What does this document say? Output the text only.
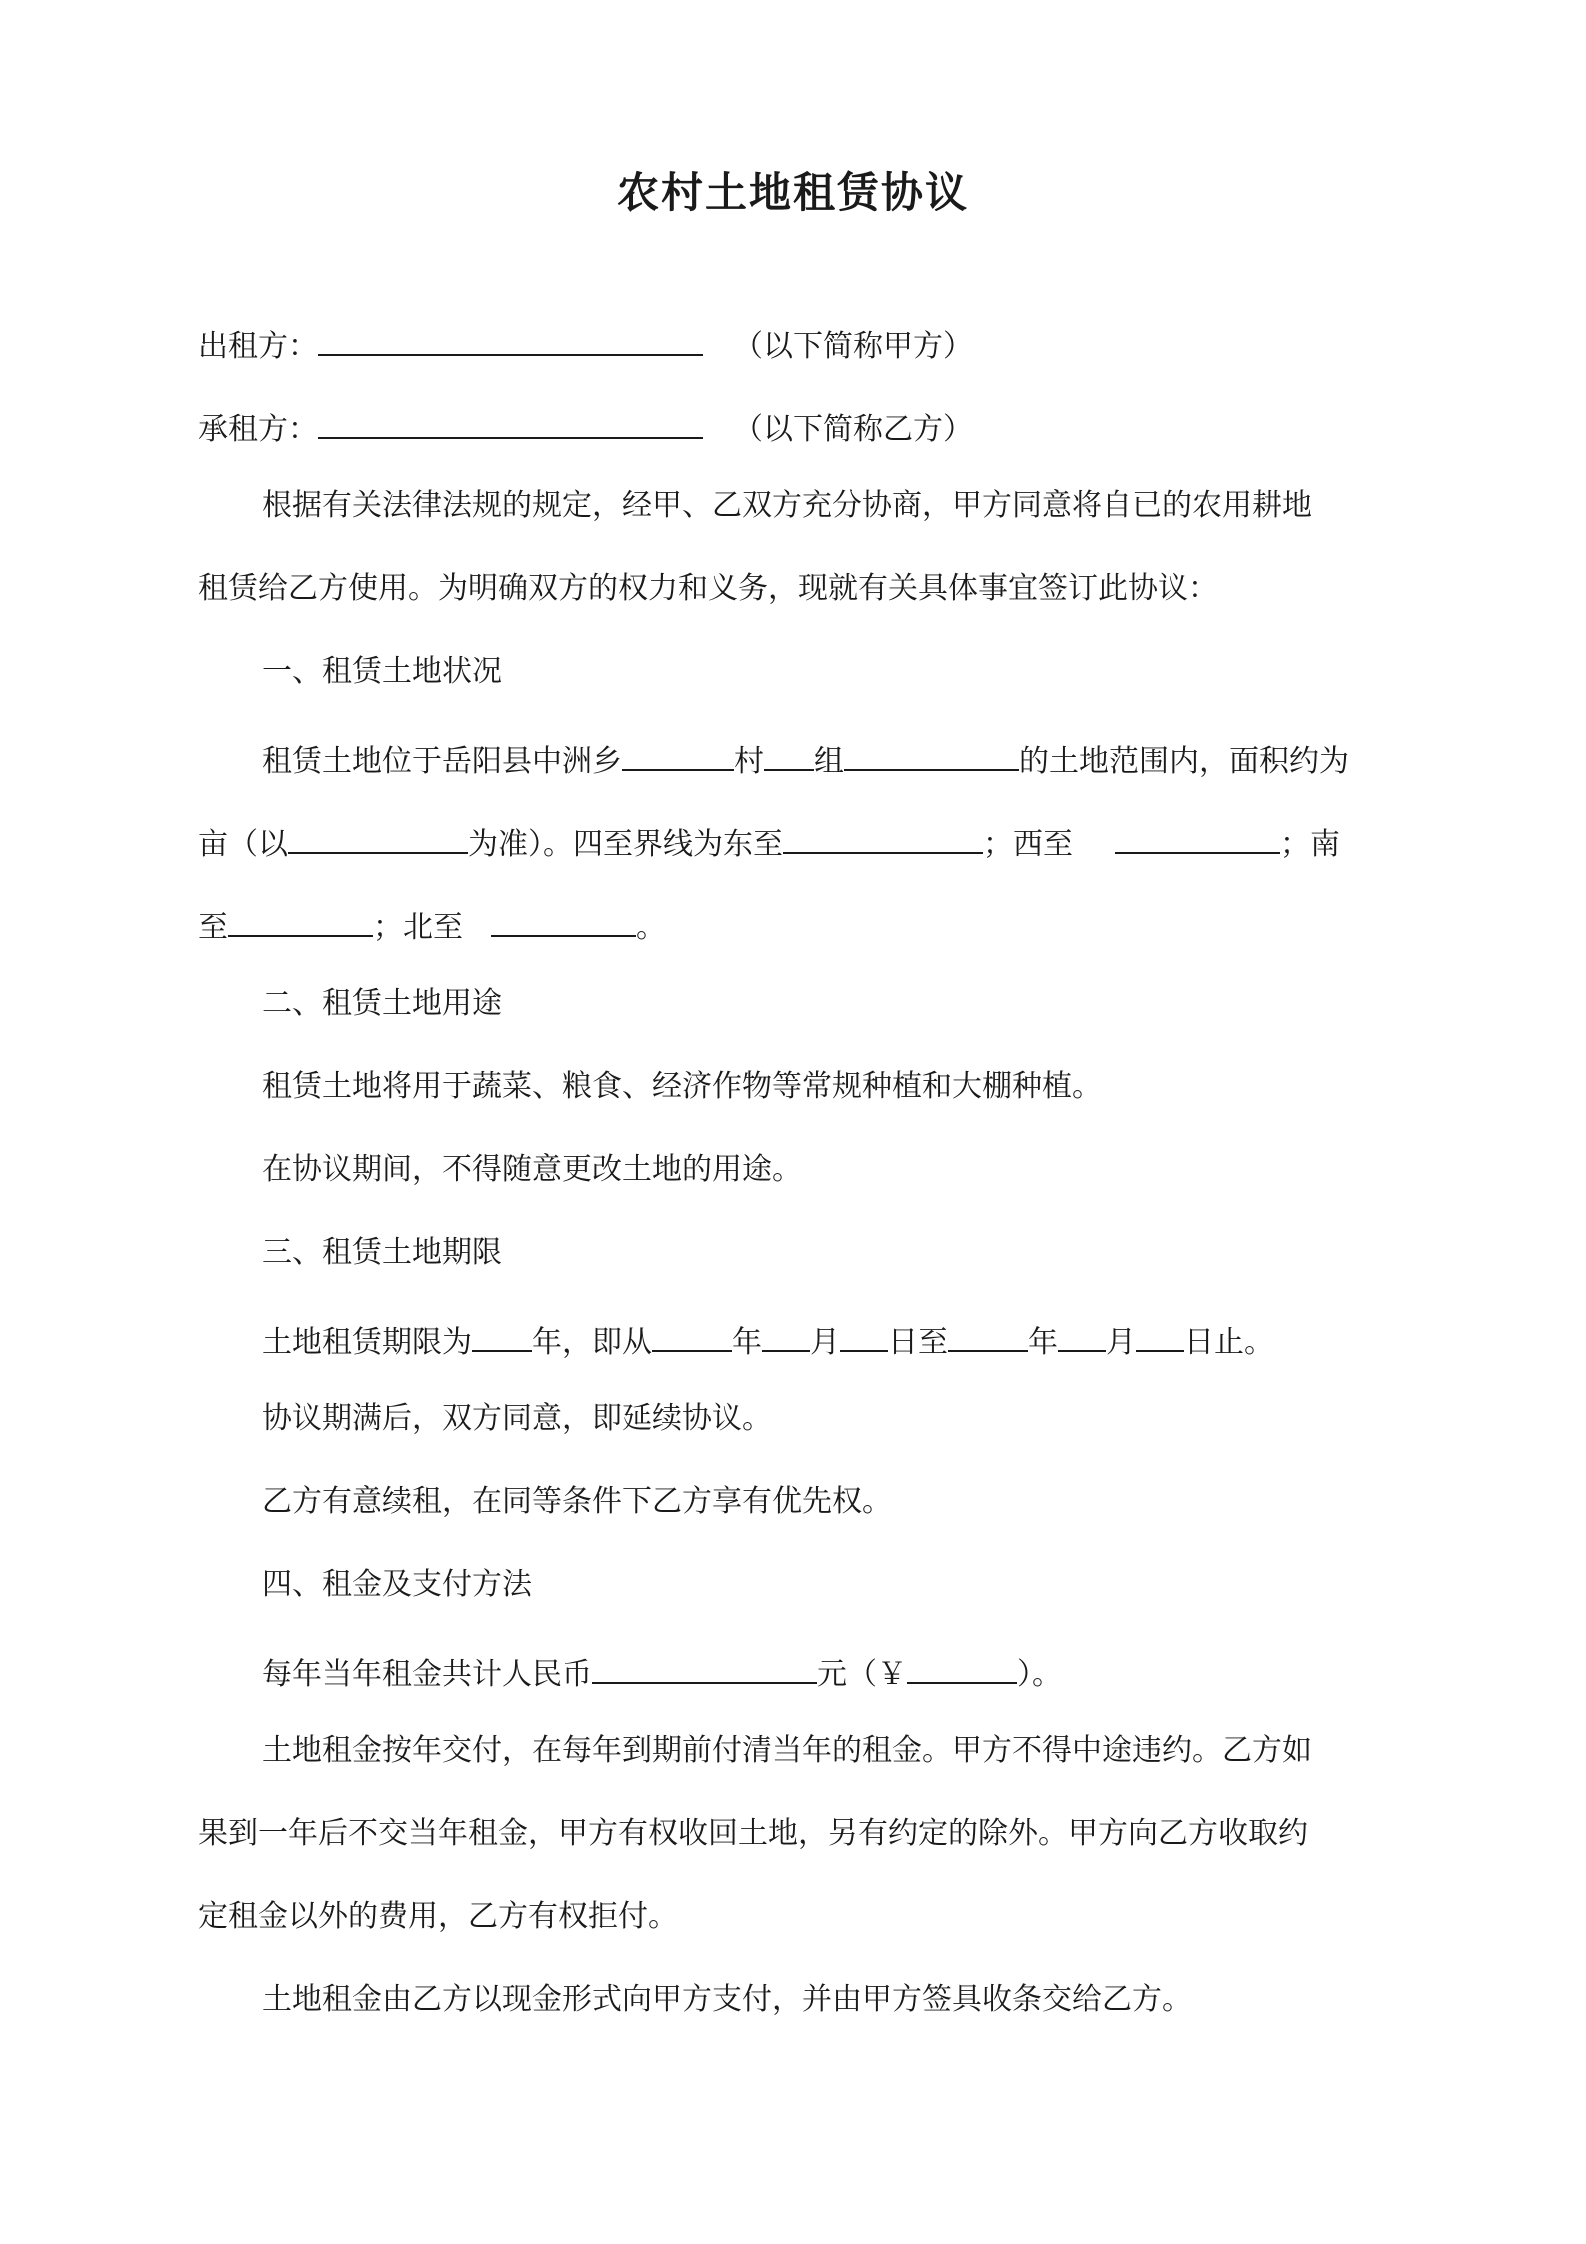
农村土地租赁协议
出租方：	（以下简称甲方）
承租方：	（以下简称乙方）
根据有关法律法规的规定，经甲、乙双方充分协商，甲方同意将自已的农用耕地
租赁给乙方使用。为明确双方的权力和义务，现就有关具体事宜签订此协议：
一、租赁土地状况
租赁土地位于岳阳县中洲乡	村 组	的土地范围内，面积约为
亩（以	为准）。四至界线为东至	；西至	；南
至	；北至	。
二、租赁土地用途
租赁土地将用于蔬菜、粮食、经济作物等常规种植和大棚种植。
在协议期间，不得随意更改土地的用途。
三、租赁土地期限
土地租赁期限为 年，即从	年 月 日至	年 月 日止。
协议期满后，双方同意，即延续协议。
乙方有意续租，在同等条件下乙方享有优先权。
四、租金及支付方法
每年当年租金共计人民币	元（￥	）。
土地租金按年交付，在每年到期前付清当年的租金。甲方不得中途违约。乙方如
果到一年后不交当年租金，甲方有权收回土地，另有约定的除外。甲方向乙方收取约
定租金以外的费用，乙方有权拒付。
土地租金由乙方以现金形式向甲方支付，并由甲方签具收条交给乙方。
